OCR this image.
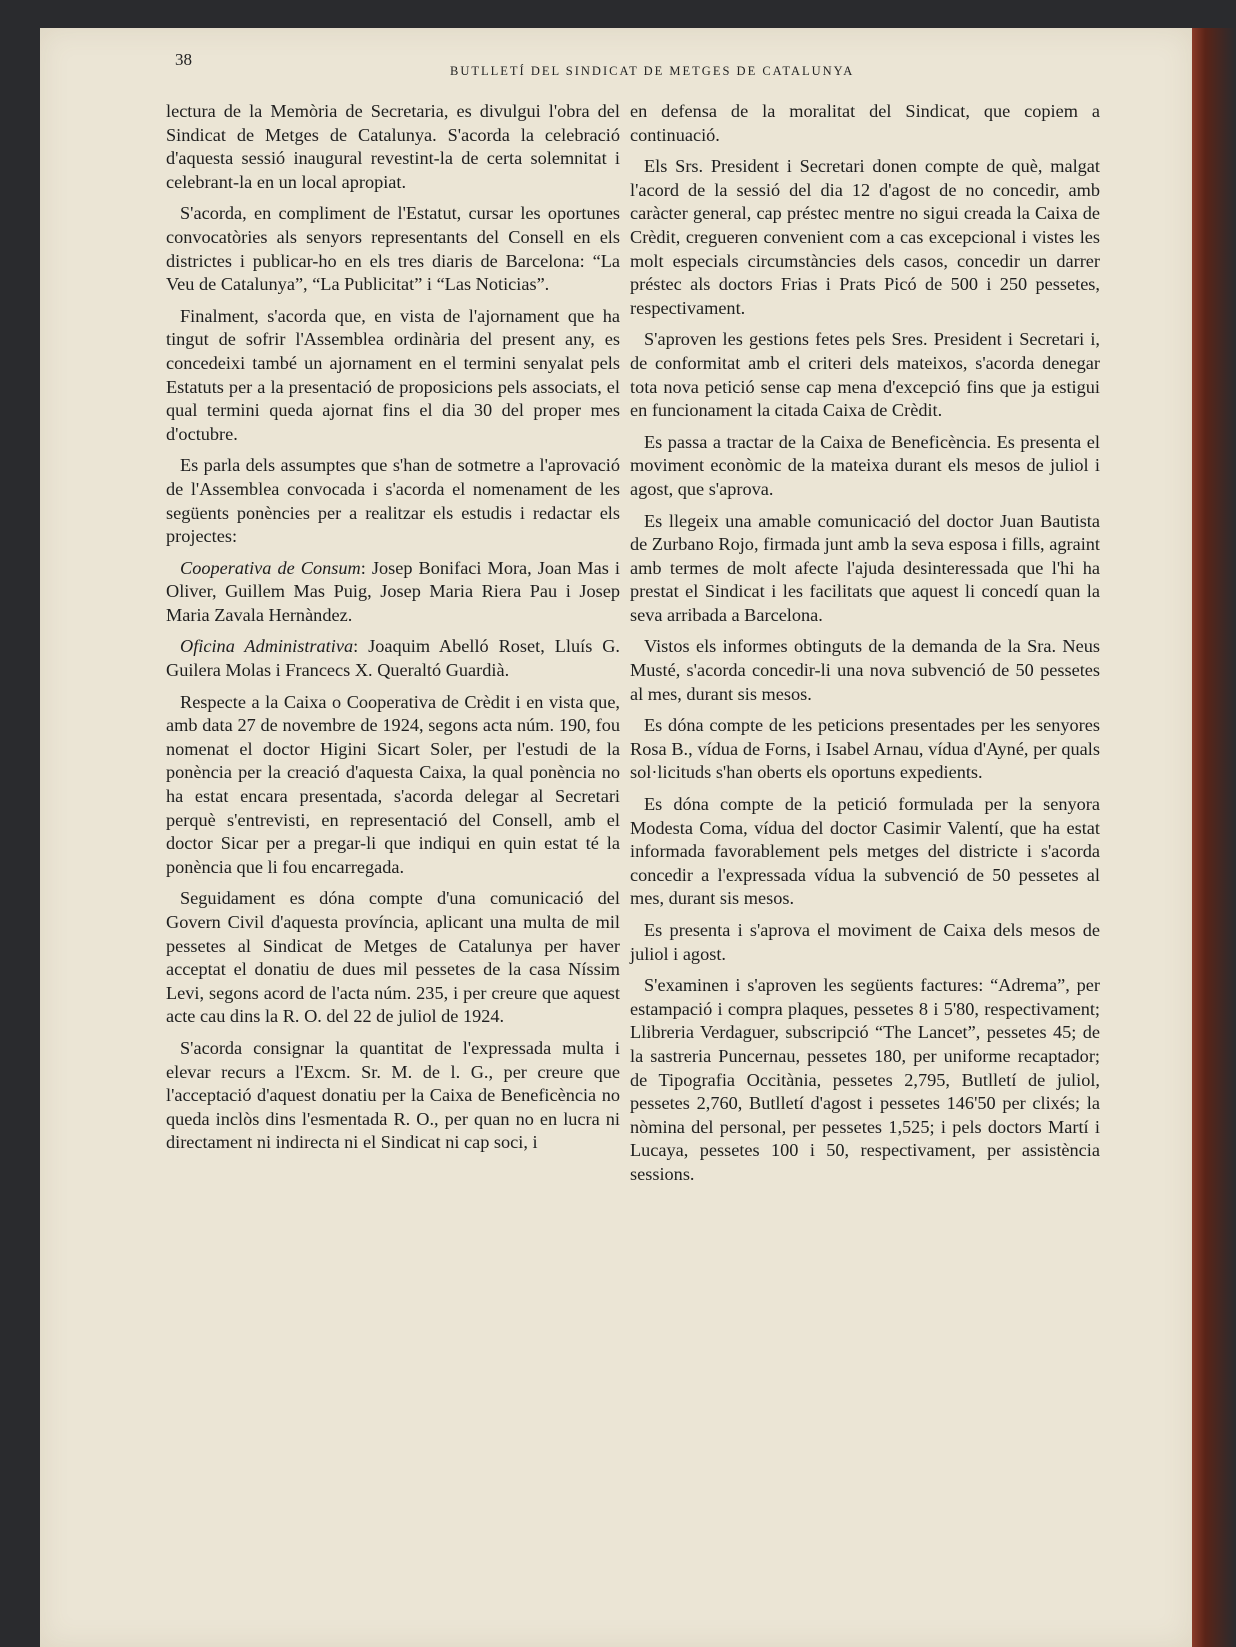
38
BUTLLETÍ DEL SINDICAT DE METGES DE CATALUNYA

lectura de la Memòria de Secretaria, es divulgui l'obra del Sindicat de Metges de Catalunya. S'acorda la celebració d'aquesta sessió inaugural revestint-la de certa solemnitat i celebrant-la en un local apropiat.

S'acorda, en compliment de l'Estatut, cursar les oportunes convocatòries als senyors representants del Consell en els districtes i publicar-ho en els tres diaris de Barcelona: “La Veu de Catalunya”, “La Publicitat” i “Las Noticias”.

Finalment, s'acorda que, en vista de l'ajornament que ha tingut de sofrir l'Assemblea ordinària del present any, es concedeixi també un ajornament en el termini senyalat pels Estatuts per a la presentació de proposicions pels associats, el qual termini queda ajornat fins el dia 30 del proper mes d'octubre.

Es parla dels assumptes que s'han de sotmetre a l'aprovació de l'Assemblea convocada i s'acorda el nomenament de les següents ponències per a realitzar els estudis i redactar els projectes:

Cooperativa de Consum: Josep Bonifaci Mora, Joan Mas i Oliver, Guillem Mas Puig, Josep Maria Riera Pau i Josep Maria Zavala Hernàndez.

Oficina Administrativa: Joaquim Abelló Roset, Lluís G. Guilera Molas i Francecs X. Queraltó Guardià.

Respecte a la Caixa o Cooperativa de Crèdit i en vista que, amb data 27 de novembre de 1924, segons acta núm. 190, fou nomenat el doctor Higini Sicart Soler, per l'estudi de la ponència per la creació d'aquesta Caixa, la qual ponència no ha estat encara presentada, s'acorda delegar al Secretari perquè s'entrevisti, en representació del Consell, amb el doctor Sicar per a pregar-li que indiqui en quin estat té la ponència que li fou encarregada.

Seguidament es dóna compte d'una comunicació del Govern Civil d'aquesta província, aplicant una multa de mil pessetes al Sindicat de Metges de Catalunya per haver acceptat el donatiu de dues mil pessetes de la casa Níssim Levi, segons acord de l'acta núm. 235, i per creure que aquest acte cau dins la R. O. del 22 de juliol de 1924.

S'acorda consignar la quantitat de l'expressada multa i elevar recurs a l'Excm. Sr. M. de l. G., per creure que l'acceptació d'aquest donatiu per la Caixa de Beneficència no queda inclòs dins l'esmentada R. O., per quan no en lucra ni directament ni indirecta ni el Sindicat ni cap soci, i

en defensa de la moralitat del Sindicat, que copiem a continuació.

Els Srs. President i Secretari donen compte de què, malgat l'acord de la sessió del dia 12 d'agost de no concedir, amb caràcter general, cap préstec mentre no sigui creada la Caixa de Crèdit, cregueren convenient com a cas excepcional i vistes les molt especials circumstàncies dels casos, concedir un darrer préstec als doctors Frias i Prats Picó de 500 i 250 pessetes, respectivament.

S'aproven les gestions fetes pels Sres. President i Secretari i, de conformitat amb el criteri dels mateixos, s'acorda denegar tota nova petició sense cap mena d'excepció fins que ja estigui en funcionament la citada Caixa de Crèdit.

Es passa a tractar de la Caixa de Beneficència. Es presenta el moviment econòmic de la mateixa durant els mesos de juliol i agost, que s'aprova.

Es llegeix una amable comunicació del doctor Juan Bautista de Zurbano Rojo, firmada junt amb la seva esposa i fills, agraint amb termes de molt afecte l'ajuda desinteressada que l'hi ha prestat el Sindicat i les facilitats que aquest li concedí quan la seva arribada a Barcelona.

Vistos els informes obtinguts de la demanda de la Sra. Neus Musté, s'acorda concedir-li una nova subvenció de 50 pessetes al mes, durant sis mesos.

Es dóna compte de les peticions presentades per les senyores Rosa B., vídua de Forns, i Isabel Arnau, vídua d'Ayné, per quals sol·licituds s'han oberts els oportuns expedients.

Es dóna compte de la petició formulada per la senyora Modesta Coma, vídua del doctor Casimir Valentí, que ha estat informada favorablement pels metges del districte i s'acorda concedir a l'expressada vídua la subvenció de 50 pessetes al mes, durant sis mesos.

Es presenta i s'aprova el moviment de Caixa dels mesos de juliol i agost.

S'examinen i s'aproven les següents factures: “Adrema”, per estampació i compra plaques, pessetes 8 i 5'80, respectivament; Llibreria Verdaguer, subscripció “The Lancet”, pessetes 45; de la sastreria Puncernau, pessetes 180, per uniforme recaptador; de Tipografia Occitània, pessetes 2,795, Butlletí de juliol, pessetes 2,760, Butlletí d'agost i pessetes 146'50 per clixés; la nòmina del personal, per pessetes 1,525; i pels doctors Martí i Lucaya, pessetes 100 i 50, respectivament, per assistència sessions.
